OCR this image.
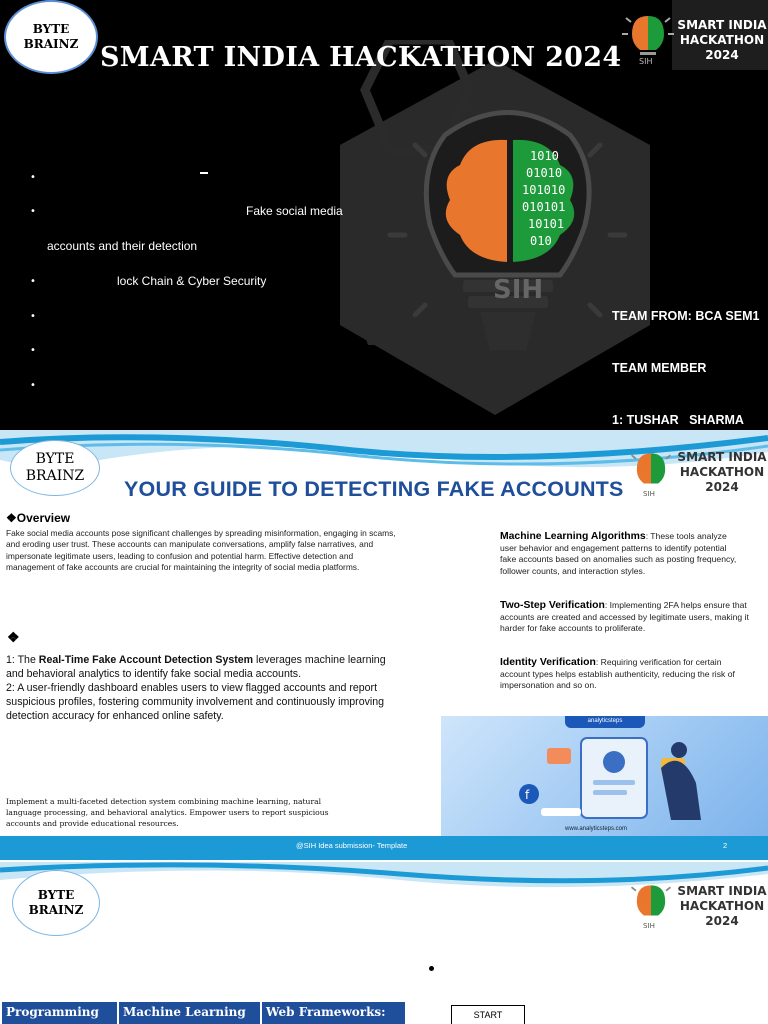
1010
01010
101010
010101
10101
010
SIH
BYTE
BRAINZ SMART INDIA HACKATHON 2024 SIH
SMART INDIA
HACKATHON
2024
•
•	Fake social media
accounts and their detection
•	lock Chain & Cyber Security
•
•
•

TEAM FROM: BCA SEM1

TEAM MEMBER

1: TUSHAR   SHARMA

BYTE
BRAINZ
SIH
SMART INDIA
HACKATHON
2024
YOUR GUIDE TO DETECTING FAKE ACCOUNTS
❖Overview

Fake social media accounts pose significant challenges by spreading misinformation, engaging in scams, and eroding user trust. These accounts can manipulate conversations, amplify false narratives, and impersonate legitimate users, leading to confusion and potential harm. Effective detection and management of fake accounts are crucial for maintaining the integrity of social media platforms.

❖

1: The Real-Time Fake Account Detection System leverages machine learning and behavioral analytics to identify fake social media accounts.

2: A user-friendly dashboard enables users to view flagged accounts and report suspicious profiles, fostering community involvement and continuously improving detection accuracy for enhanced online safety.

Implement a multi-faceted detection system combining machine learning, natural language processing, and behavioral analytics. Empower users to report suspicious accounts and provide educational resources.

Machine Learning Algorithms: These tools analyze user behavior and engagement patterns to identify potential fake accounts based on anomalies such as posting frequency, follower counts, and interaction styles.

Two-Step Verification: Implementing 2FA helps ensure that accounts are created and accessed by legitimate users, making it harder for fake accounts to proliferate.

Identity Verification: Requiring verification for certain account types helps establish authenticity, reducing the risk of impersonation and so on.

analyticsteps
f
www.analyticsteps.com
@SIH Idea submission- Template	2
BYTE
BRAINZ
SIH
SMART INDIA
HACKATHON
2024
Programming	Machine Learning	Web Frameworks:	START
